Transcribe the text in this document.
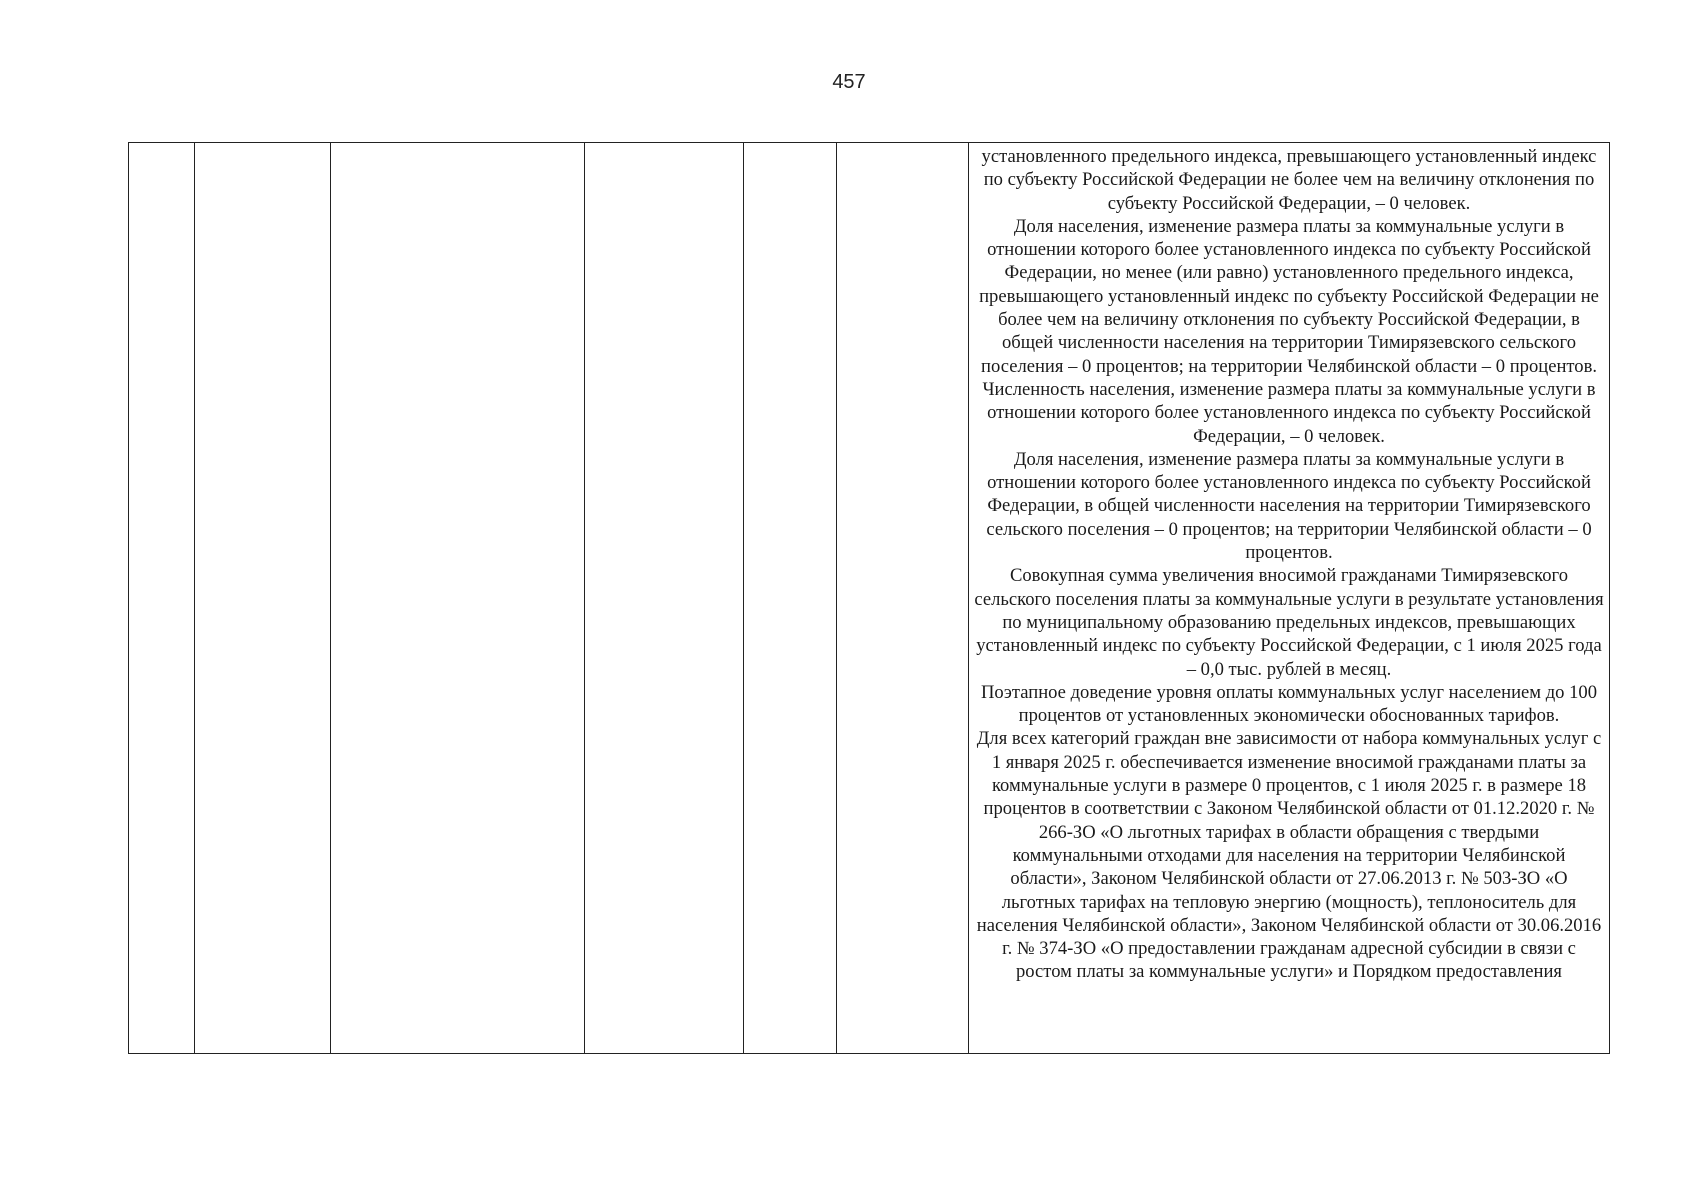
457

установленного предельного индекса, превышающего установленный индекс по субъекту Российской Федерации не более чем на величину отклонения по субъекту Российской Федерации, – 0 человек.

Доля населения, изменение размера платы за коммунальные услуги в отношении которого более установленного индекса по субъекту Российской Федерации, но менее (или равно) установленного предельного индекса, превышающего установленный индекс по субъекту Российской Федерации не более чем на величину отклонения по субъекту Российской Федерации, в общей численности населения на территории Тимирязевского сельского поселения – 0 процентов; на территории Челябинской области – 0 процентов.

Численность населения, изменение размера платы за коммунальные услуги в отношении которого более установленного индекса по субъекту Российской Федерации, – 0 человек.

Доля населения, изменение размера платы за коммунальные услуги в отношении которого более установленного индекса по субъекту Российской Федерации, в общей численности населения на территории Тимирязевского сельского поселения – 0 процентов; на территории Челябинской области – 0 процентов.

Совокупная сумма увеличения вносимой гражданами Тимирязевского сельского поселения платы за коммунальные услуги в результате установления по муниципальному образованию предельных индексов, превышающих установленный индекс по субъекту Российской Федерации, с 1 июля 2025 года – 0,0 тыс. рублей в месяц.

Поэтапное доведение уровня оплаты коммунальных услуг населением до 100 процентов от установленных экономически обоснованных тарифов.

Для всех категорий граждан вне зависимости от набора коммунальных услуг с 1 января 2025 г. обеспечивается изменение вносимой гражданами платы за коммунальные услуги в размере 0 процентов, с 1 июля 2025 г. в размере 18 процентов в соответствии с Законом Челябинской области от 01.12.2020 г. № 266-ЗО «О льготных тарифах в области обращения с твердыми коммунальными отходами для населения на территории Челябинской области», Законом Челябинской области от 27.06.2013 г. № 503-ЗО «О льготных тарифах на тепловую энергию (мощность), теплоноситель для населения Челябинской области», Законом Челябинской области от 30.06.2016 г. № 374-ЗО «О предоставлении гражданам адресной субсидии в связи с ростом платы за коммунальные услуги» и Порядком предоставления
